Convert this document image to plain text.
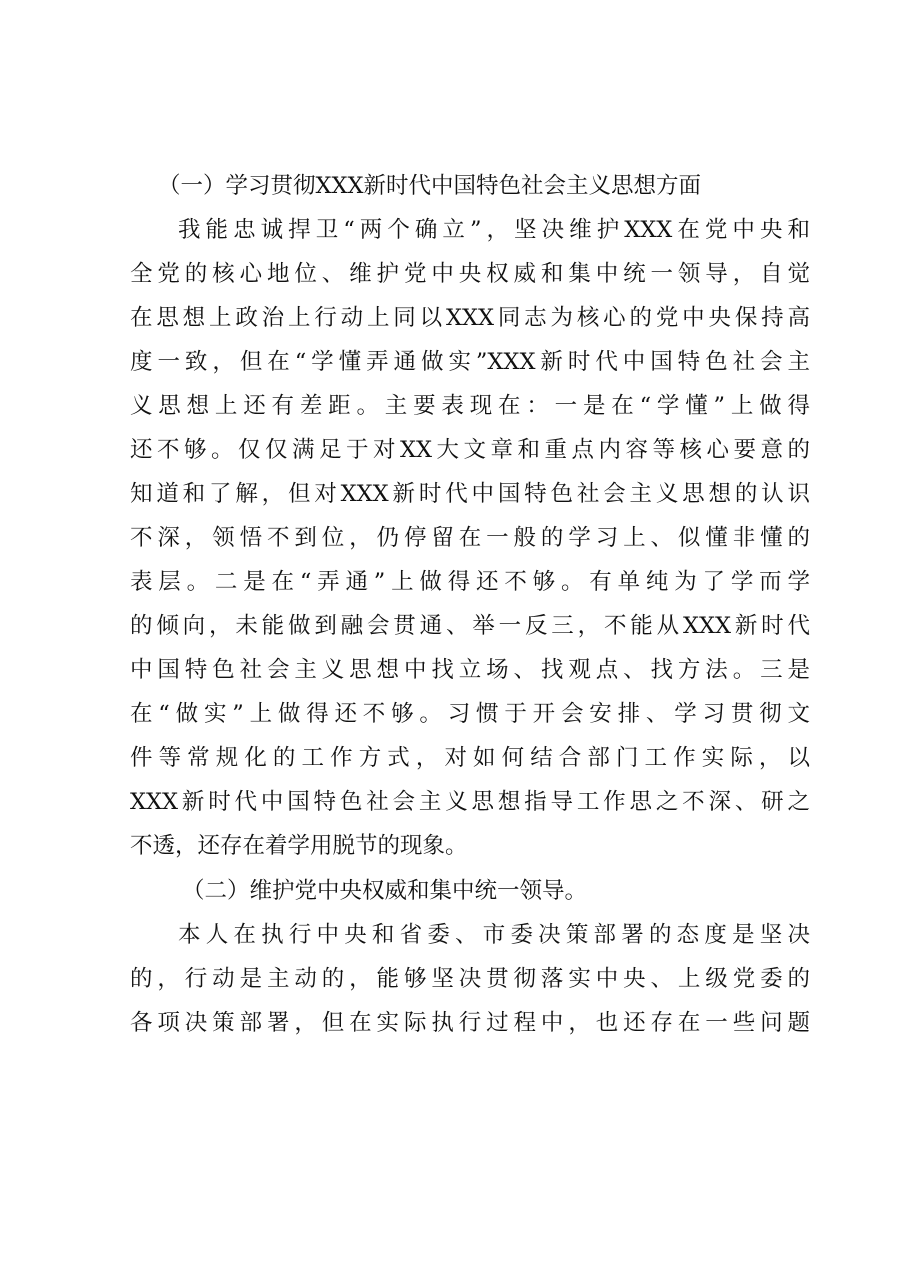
（一）学习贯彻XXX新时代中国特色社会主义思想方面
我能忠诚捍卫“两个确立”，坚决维护XXX在党中央和
全党的核心地位、维护党中央权威和集中统一领导，自觉
在思想上政治上行动上同以XXX同志为核心的党中央保持高
度一致，但在“学懂弄通做实”XXX新时代中国特色社会主
义思想上还有差距。主要表现在：一是在“学懂”上做得
还不够。仅仅满足于对XX大文章和重点内容等核心要意的
知道和了解，但对XXX新时代中国特色社会主义思想的认识
不深，领悟不到位，仍停留在一般的学习上、似懂非懂的
表层。二是在“弄通”上做得还不够。有单纯为了学而学
的倾向，未能做到融会贯通、举一反三，不能从XXX新时代
中国特色社会主义思想中找立场、找观点、找方法。三是
在“做实”上做得还不够。习惯于开会安排、学习贯彻文
件等常规化的工作方式，对如何结合部门工作实际，以
XXX新时代中国特色社会主义思想指导工作思之不深、研之
不透，还存在着学用脱节的现象。
（二）维护党中央权威和集中统一领导。
本人在执行中央和省委、市委决策部署的态度是坚决
的，行动是主动的，能够坚决贯彻落实中央、上级党委的
各项决策部署，但在实际执行过程中，也还存在一些问题
